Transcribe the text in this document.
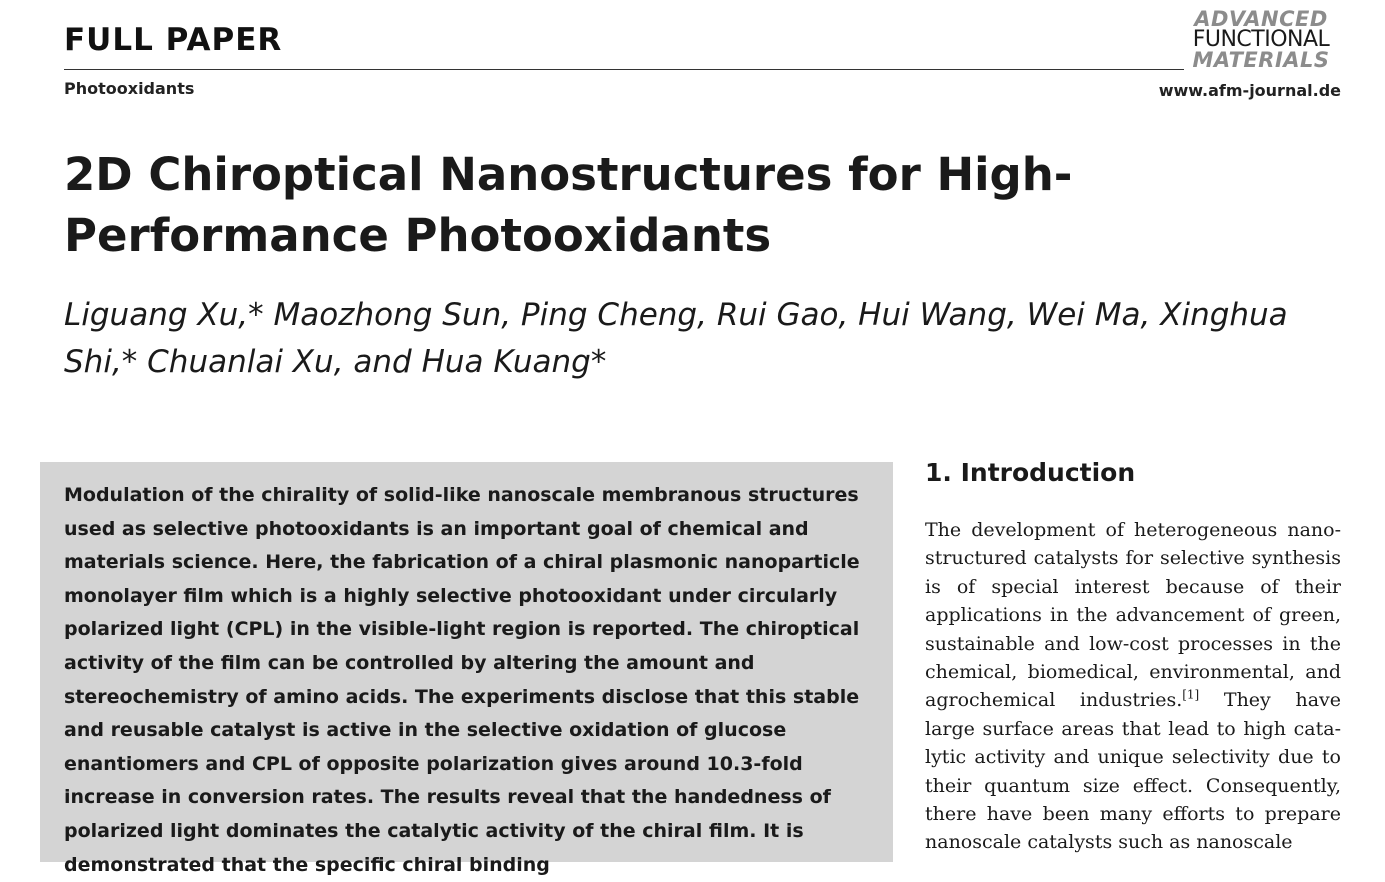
FULL PAPER
Photooxidants
ADVANCED
FUNCTIONAL
MATERIALS
www.afm-journal.de
2D Chiroptical Nanostructures for High-Performance Photooxidants

Liguang Xu,* Maozhong Sun, Ping Cheng, Rui Gao, Hui Wang, Wei Ma, Xinghua Shi,* Chuanlai Xu, and Hua Kuang*

Modulation of the chirality of solid-like nanoscale membranous structures used as selective photooxidants is an important goal of chemical and materials science. Here, the fabrication of a chiral plasmonic nanoparticle monolayer film which is a highly selective photooxidant under circularly polarized light (CPL) in the visible-light region is reported. The chiroptical activity of the film can be controlled by altering the amount and stereochemistry of amino acids. The experiments disclose that this stable and reusable catalyst is active in the selective oxidation of glucose enantiomers and CPL of opposite polarization gives around 10.3-fold increase in conversion rates. The results reveal that the handedness of polarized light dominates the catalytic activity of the chiral film. It is demonstrated that the specific chiral binding

1. Introduction

The development of heterogeneous nanostructured catalysts for selective synthesis is of special interest because of their applications in the advancement of green, sustainable and low-cost processes in the chemical, biomedical, environmental, and agrochemical industries.[1] They have large surface areas that lead to high catalytic activity and unique selectivity due to their quantum size effect. Consequently, there have been many efforts to prepare nanoscale catalysts such as nanoscale
